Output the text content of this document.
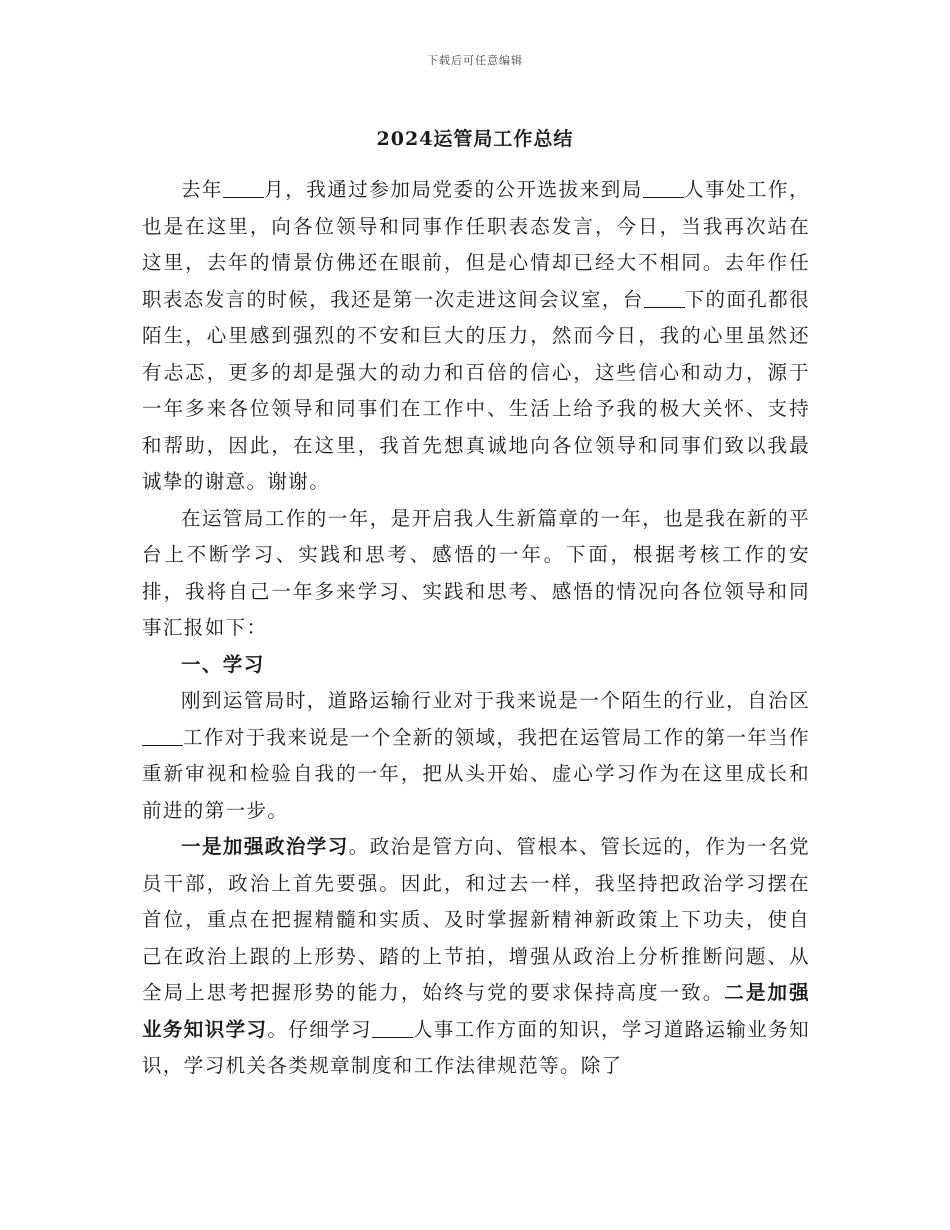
下载后可任意编辑
2024运管局工作总结

去年 月，我通过参加局党委的公开选拔来到局 人事处工作，也是在这里，向各位领导和同事作任职表态发言，今日，当我再次站在这里，去年的情景仿佛还在眼前，但是心情却已经大不相同。去年作任职表态发言的时候，我还是第一次走进这间会议室，台 下的面孔都很陌生，心里感到强烈的不安和巨大的压力，然而今日，我的心里虽然还有忐忑，更多的却是强大的动力和百倍的信心，这些信心和动力，源于一年多来各位领导和同事们在工作中、生活上给予我的极大关怀、支持和帮助，因此，在这里，我首先想真诚地向各位领导和同事们致以我最诚挚的谢意。谢谢。

在运管局工作的一年，是开启我人生新篇章的一年，也是我在新的平台上不断学习、实践和思考、感悟的一年。下面，根据考核工作的安排，我将自己一年多来学习、实践和思考、感悟的情况向各位领导和同事汇报如下：

一、学习

刚到运管局时，道路运输行业对于我来说是一个陌生的行业，自治区工作对于我来说是一个全新的领域，我把在运管局工作的第一年当作重新审视和检验自我的一年，把从头开始、虚心学习作为在这里成长和前进的第一步。

一是加强政治学习。政治是管方向、管根本、管长远的，作为一名党员干部，政治上首先要强。因此，和过去一样，我坚持把政治学习摆在首位，重点在把握精髓和实质、及时掌握新精神新政策上下功夫，使自己在政治上跟的上形势、踏的上节拍，增强从政治上分析推断问题、从全局上思考把握形势的能力，始终与党的要求保持高度一致。二是加强业务知识学习。仔细学习 人事工作方面的知识，学习道路运输业务知识，学习机关各类规章制度和工作法律规范等。除了
